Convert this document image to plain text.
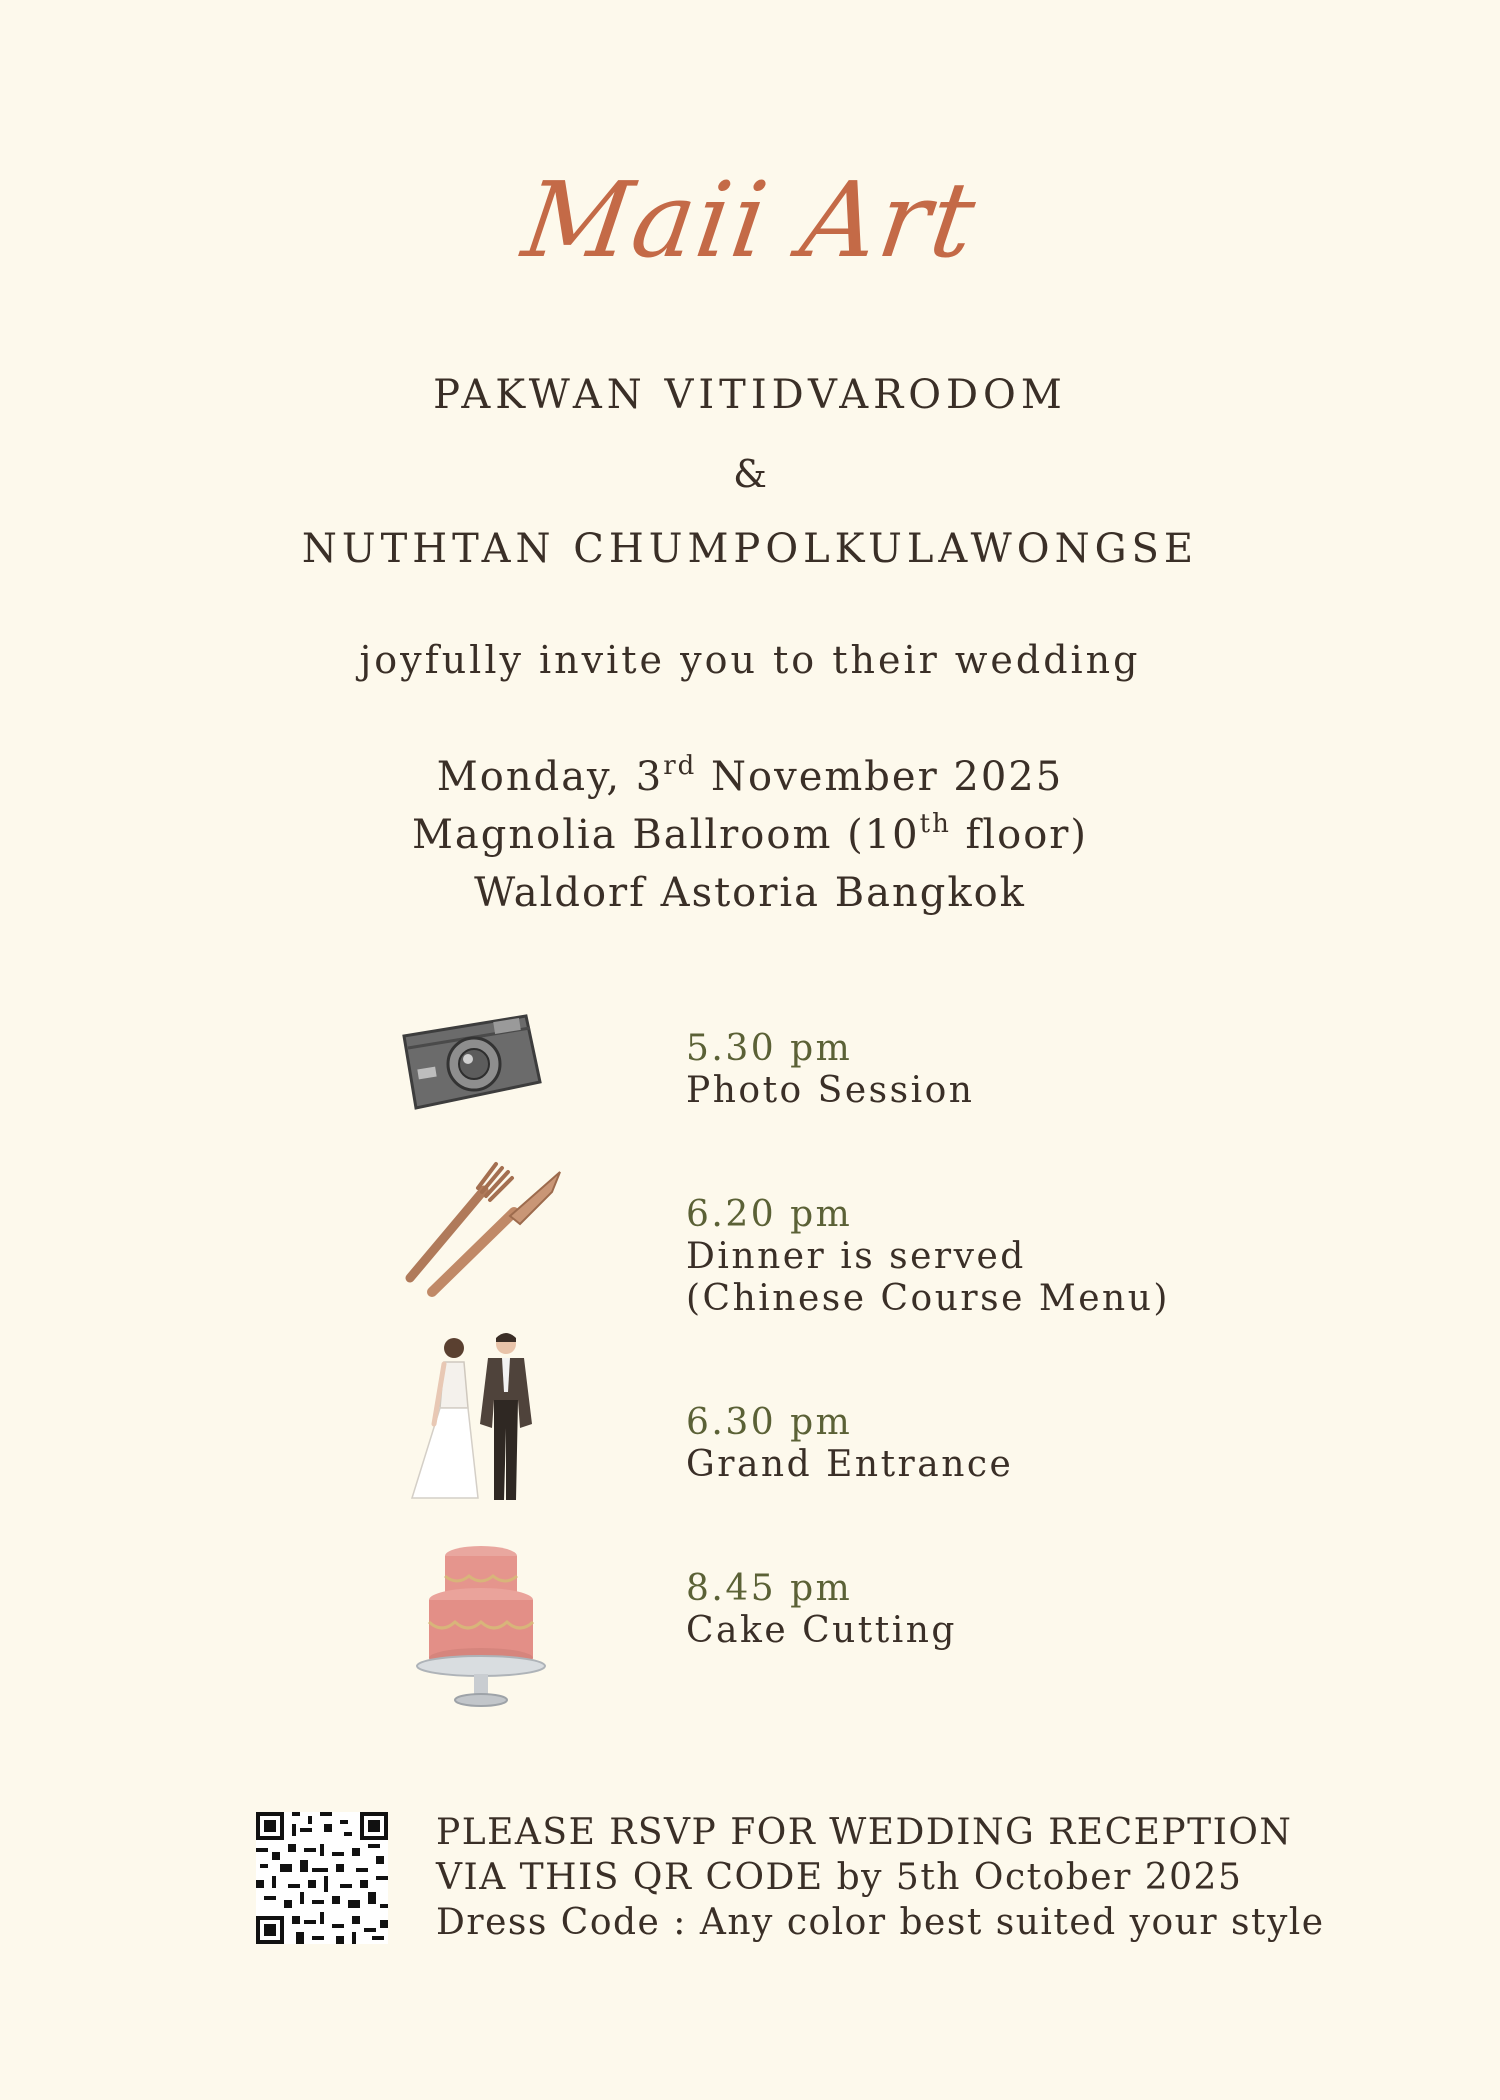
Maii Art
PAKWAN VITIDVARODOM
&
NUTHTAN CHUMPOLKULAWONGSE
joyfully invite you to their wedding
Monday, 3rd November 2025
Magnolia Ballroom (10th floor)
Waldorf Astoria Bangkok
5.30 pm
Photo Session
6.20 pm
Dinner is served
(Chinese Course Menu)
6.30 pm
Grand Entrance
8.45 pm
Cake Cutting
PLEASE RSVP FOR WEDDING RECEPTION
VIA THIS QR CODE by 5th October 2025
Dress Code : Any color best suited your style
